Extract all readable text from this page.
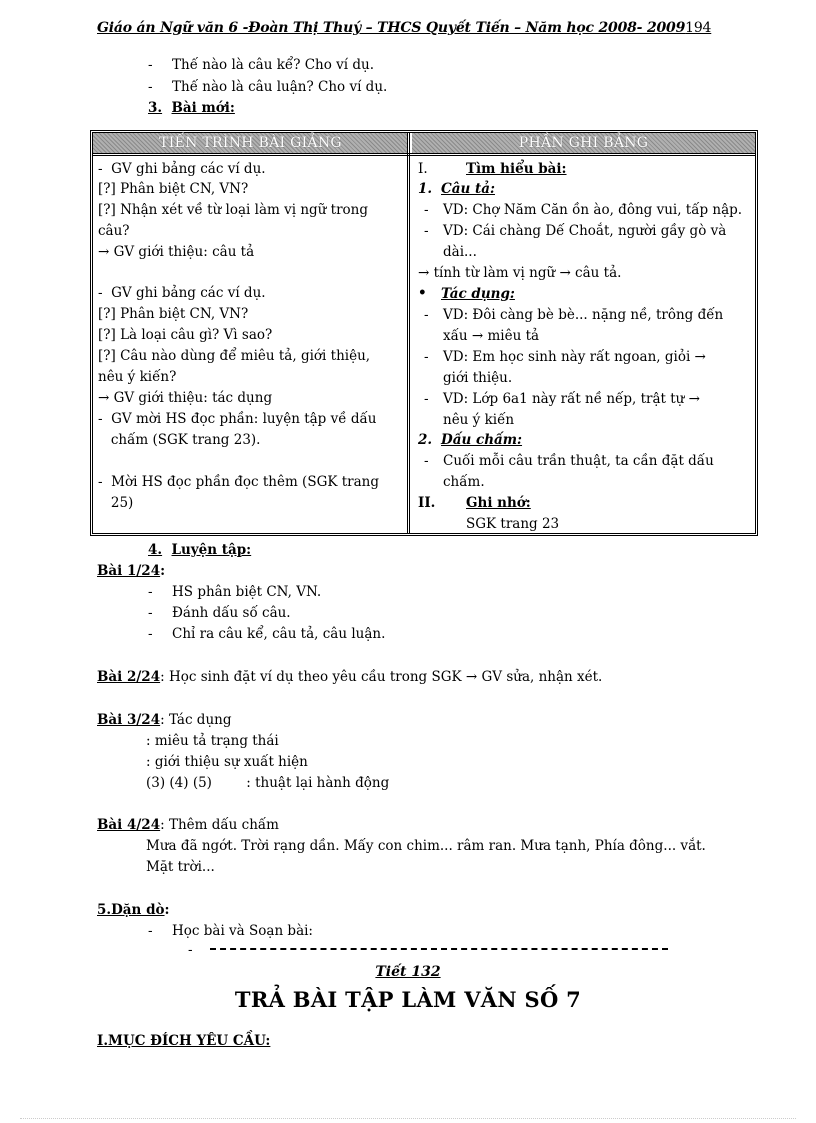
Giáo án Ngữ văn 6 -Đoàn Thị Thuý – THCS Quyết Tiến – Năm học 2008- 2009194
- Thế nào là câu kể? Cho ví dụ.
- Thế nào là câu luận? Cho ví dụ.
3. Bài mới:
TIẾN TRÌNH BÀI GIẢNG	PHẦN GHI BẢNG
-  GV ghi bảng các ví dụ.
[?] Phân biệt CN, VN?
[?] Nhận xét về từ loại làm vị ngữ trong
câu?
→ GV giới thiệu: câu tả
-  GV ghi bảng các ví dụ.
[?] Phân biệt CN, VN?
[?] Là loại câu gì? Vì sao?
[?] Câu nào dùng để miêu tả, giới thiệu,
nêu ý kiến?
→ GV giới thiệu: tác dụng
-  GV mời HS đọc phần: luyện tập về dấu
chấm (SGK trang 23).
-  Mời HS đọc phần đọc thêm (SGK trang
25)
I.	Tìm hiểu bài:
1. Câu tả:
- VD: Chợ Năm Căn ồn ào, đông vui, tấp nập.
- VD: Cái chàng Dế Choắt, người gầy gò và
dài...
→ tính từ làm vị ngữ → câu tả.
• Tác dụng:
- VD: Đôi càng bè bè... nặng nề, trông đến
xấu → miêu tả
- VD: Em học sinh này rất ngoan, giỏi →
giới thiệu.
- VD: Lớp 6a1 này rất nề nếp, trật tự →
nêu ý kiến
2. Dấu chấm:
- Cuối mỗi câu trần thuật, ta cần đặt dấu
chấm.
II. Ghi nhớ:
SGK trang 23
4. Luyện tập:
Bài 1/24:
- HS phân biệt CN, VN.
- Đánh dấu số câu.
- Chỉ ra câu kể, câu tả, câu luận.
Bài 2/24: Học sinh đặt ví dụ theo yêu cầu trong SGK → GV sửa, nhận xét.
Bài 3/24: Tác dụng
: miêu tả trạng thái
: giới thiệu sự xuất hiện
(3) (4) (5)        : thuật lại hành động
Bài 4/24: Thêm dấu chấm
Mưa đã ngớt. Trời rạng dần. Mấy con chim... râm ran. Mưa tạnh, Phía đông... vắt.
Mặt trời...
5.Dặn dò:
- Học bài và Soạn bài:
-
Tiết 132
TRẢ BÀI TẬP LÀM VĂN SỐ 7
I.MỤC ĐÍCH YÊU CẦU:
